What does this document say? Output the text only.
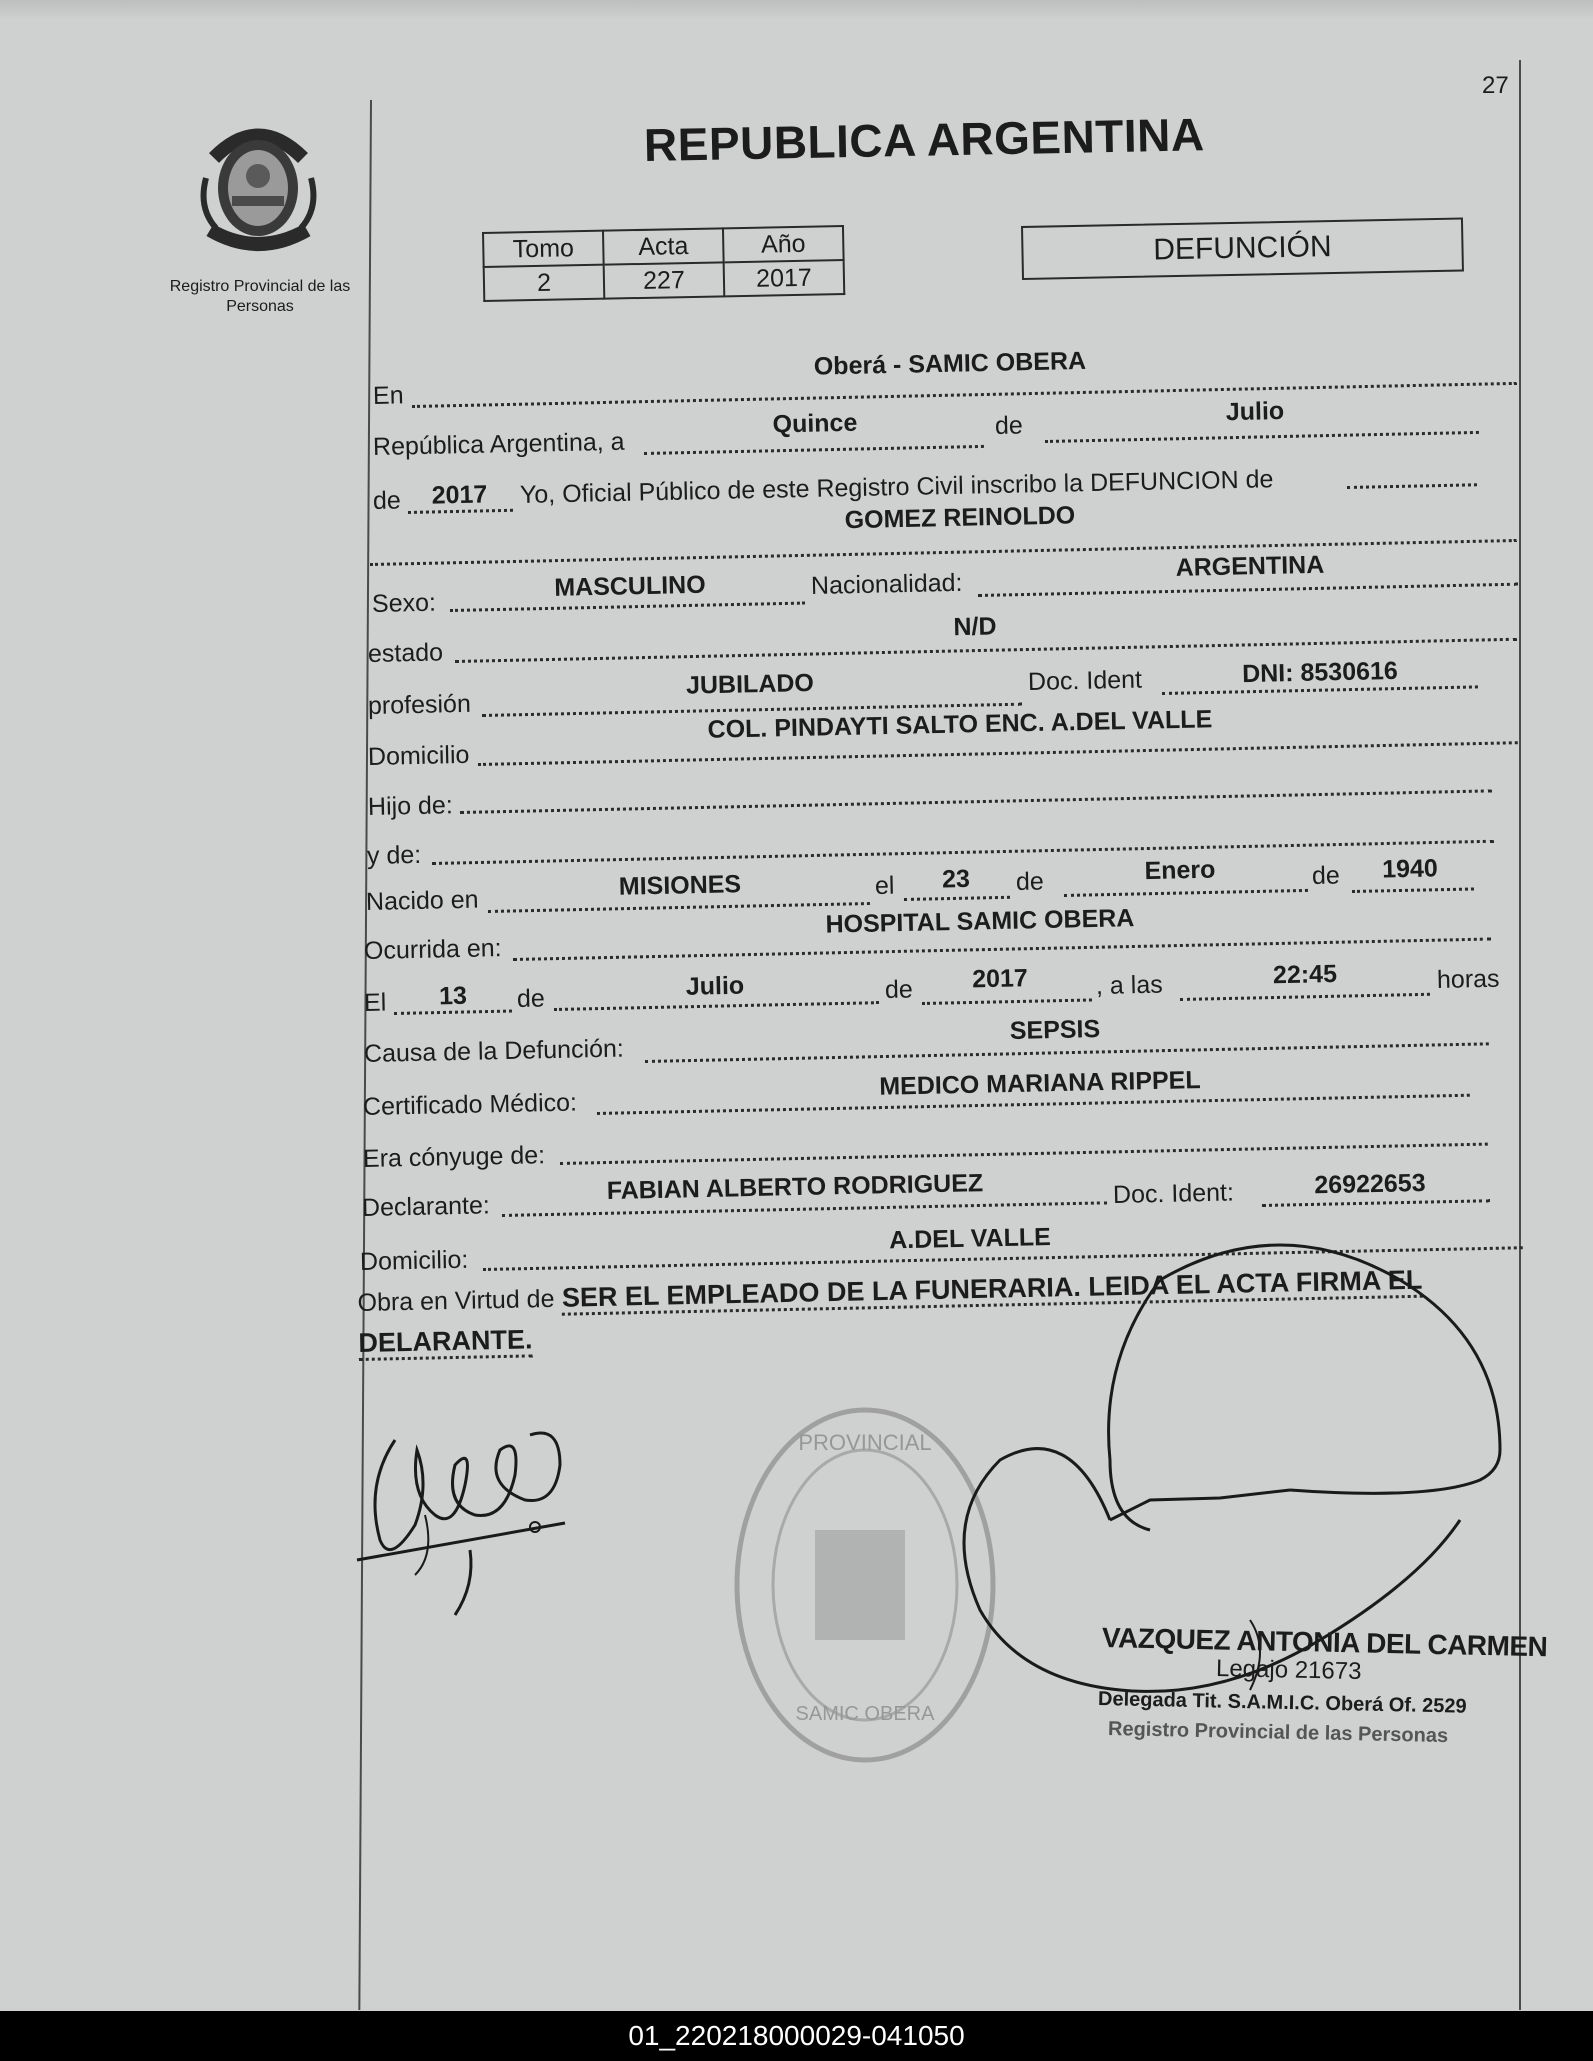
27
Registro Provincial de las Personas
REPUBLICA ARGENTINA
Tomo	Acta	Año
2	227	2017
DEFUNCIÓN
En
Oberá - SAMIC OBERA
República Argentina, a
Quince	de	Julio
de	2017	Yo, Oficial Público de este Registro Civil inscribo la DEFUNCION de
GOMEZ REINOLDO
Sexo:
MASCULINO	Nacionalidad:
ARGENTINA
estado
N/D
profesión
JUBILADO	Doc. Ident	DNI: 8530616
Domicilio
COL. PINDAYTI SALTO ENC. A.DEL VALLE
Hijo de:
y de:
Nacido en
MISIONES	el	23	de	Enero	de	1940
Ocurrida en:
HOSPITAL SAMIC OBERA
El	13	de	Julio	de	2017	, a las	22:45	horas
Causa de la Defunción:
SEPSIS
Certificado Médico:
MEDICO MARIANA RIPPEL
Era cónyuge de:
Declarante:
FABIAN ALBERTO RODRIGUEZ	Doc. Ident:	26922653
Domicilio:
A.DEL VALLE
Obra en Virtud de SER EL EMPLEADO DE LA FUNERARIA. LEIDA EL ACTA FIRMA EL DELARANTE.
PROVINCIAL
SAMIC OBERA
VAZQUEZ ANTONIA DEL CARMEN
Legajo 21673
Delegada Tit. S.A.M.I.C. Oberá Of. 2529
Registro Provincial de las Personas
01_220218000029-041050
